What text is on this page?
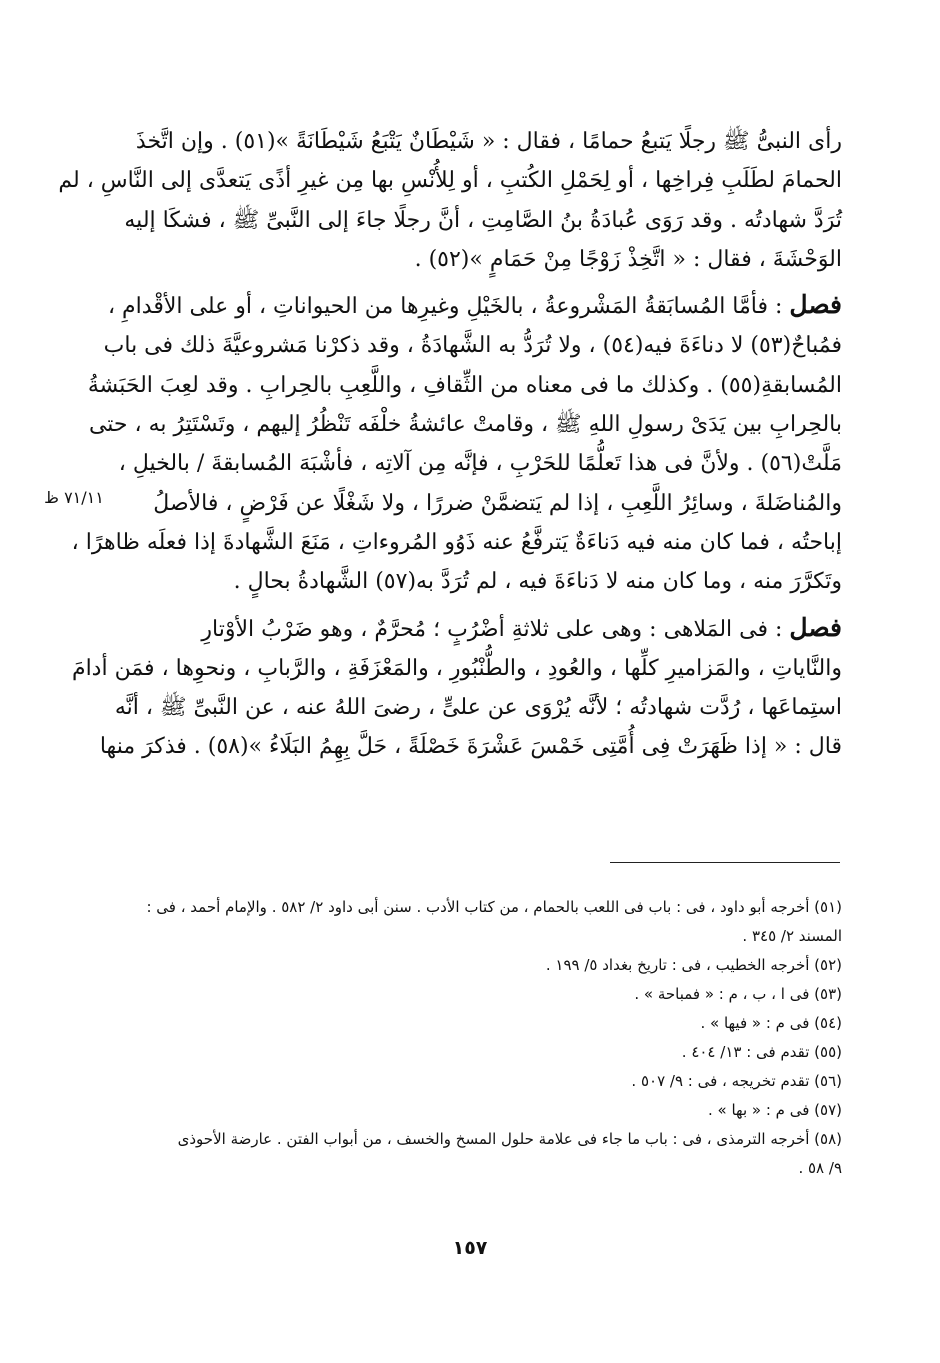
رأى النبىُّ ﷺ رجلًا يَتبعُ حمامًا ، فقال : « شَيْطَانٌ يَتْبَعُ شَيْطَانَةً »(٥١) . وإن اتَّخذَ
الحمامَ لطَلَبِ فِراخِها ، أو لِحَمْلِ الكُتبِ ، أو لِلأُنْسِ بها مِن غيرِ أذًى يَتعدَّى إلى النَّاسِ ، لم
تُرَدَّ شهادتُه . وقد رَوَى عُبادَةُ بنُ الصَّامِتِ ، أنَّ رجلًا جاءَ إلى النَّبىِّ ﷺ ، فشكَا إليه
الوَحْشَةَ ، فقال : « اتَّخِذْ زَوْجًا مِنْ حَمَامٍ »(٥٢) .

فصل : فأمَّا المُسابَقةُ المَشْروعةُ ، بالخَيْلِ وغيرِها من الحيواناتِ ، أو على الأقْدامِ ،
فمُباحٌ(٥٣) لا دناءَةَ فيه(٥٤) ، ولا تُرَدُّ به الشَّهادَةُ ، وقد ذكرْنا مَشروعيَّةَ ذلك فى باب
المُسابقةِ(٥٥) . وكذلك ما فى معناه من الثِّقافِ ، واللَّعِبِ بالحِرابِ . وقد لعِبَ الحَبَشةُ
بالحِرابِ بين يَدَىْ رسولِ اللهِ ﷺ ، وقامتْ عائشةُ خلْفَه تَنْظُرُ إليهم ، وتَسْتَتِرُ به ، حتى
مَلَّتْ(٥٦) . ولأنَّ فى هذا تَعلُّمًا للحَرْبِ ، فإنَّه مِن آلاتِه ، فأشْبَهَ المُسابقةَ / بالخيلِ ،
والمُناضَلةَ ، وسائِرُ اللَّعِبِ ، إذا لم يَتضمَّنْ ضررًا ، ولا شَغْلًا عن فَرْضٍ ، فالأصلُ
إباحتُه ، فما كان منه فيه دَناءَةٌ يَترفَّعُ عنه ذَوُو المُروءاتِ ، مَنَعَ الشَّهادةَ إذا فعلَه ظاهرًا ،
وتَكرَّرَ منه ، وما كان منه لا دَناءَةَ فيه ، لم تُرَدَّ به(٥٧) الشَّهادةُ بحالٍ .

فصل : فى المَلاهى : وهى على ثلاثةِ أضْرُبٍ ؛ مُحرَّمٌ ، وهو ضَرْبُ الأوْتارِ
والنَّاياتِ ، والمَزاميرِ كلِّها ، والعُودِ ، والطُّنْبُورِ ، والمَعْزَفَةِ ، والرَّبابِ ، ونحوِها ، فمَن أدامَ
استِماعَها ، رُدَّت شهادتُه ؛ لأنَّه يُرْوَى عن علىٍّ ، رضىَ اللهُ عنه ، عن النَّبىِّ ﷺ ، أنَّه
قال : « إذا ظَهَرَتْ فِى أُمَّتِى خَمْسَ عَشْرَةَ خَصْلَةً ، حَلَّ بِهِمُ البَلَاءُ »(٥٨) . فذكرَ منها

٧١/١١ ظ
(٥١) أخرجه أبو داود ، فى : باب فى اللعب بالحمام ، من كتاب الأدب . سنن أبى داود ٢/ ٥٨٢ . والإمام أحمد ، فى :
المسند ٢/ ٣٤٥ .
(٥٢) أخرجه الخطيب ، فى : تاريخ بغداد ٥/ ١٩٩ .
(٥٣) فى ا ، ب ، م : « فمباحة » .
(٥٤) فى م : « فيها » .
(٥٥) تقدم فى : ١٣/ ٤٠٤ .
(٥٦) تقدم تخريجه ، فى : ٩/ ٥٠٧ .
(٥٧) فى م : « بها » .
(٥٨) أخرجه الترمذى ، فى : باب ما جاء فى علامة حلول المسخ والخسف ، من أبواب الفتن . عارضة الأحوذى
٩/ ٥٨ .
١٥٧
